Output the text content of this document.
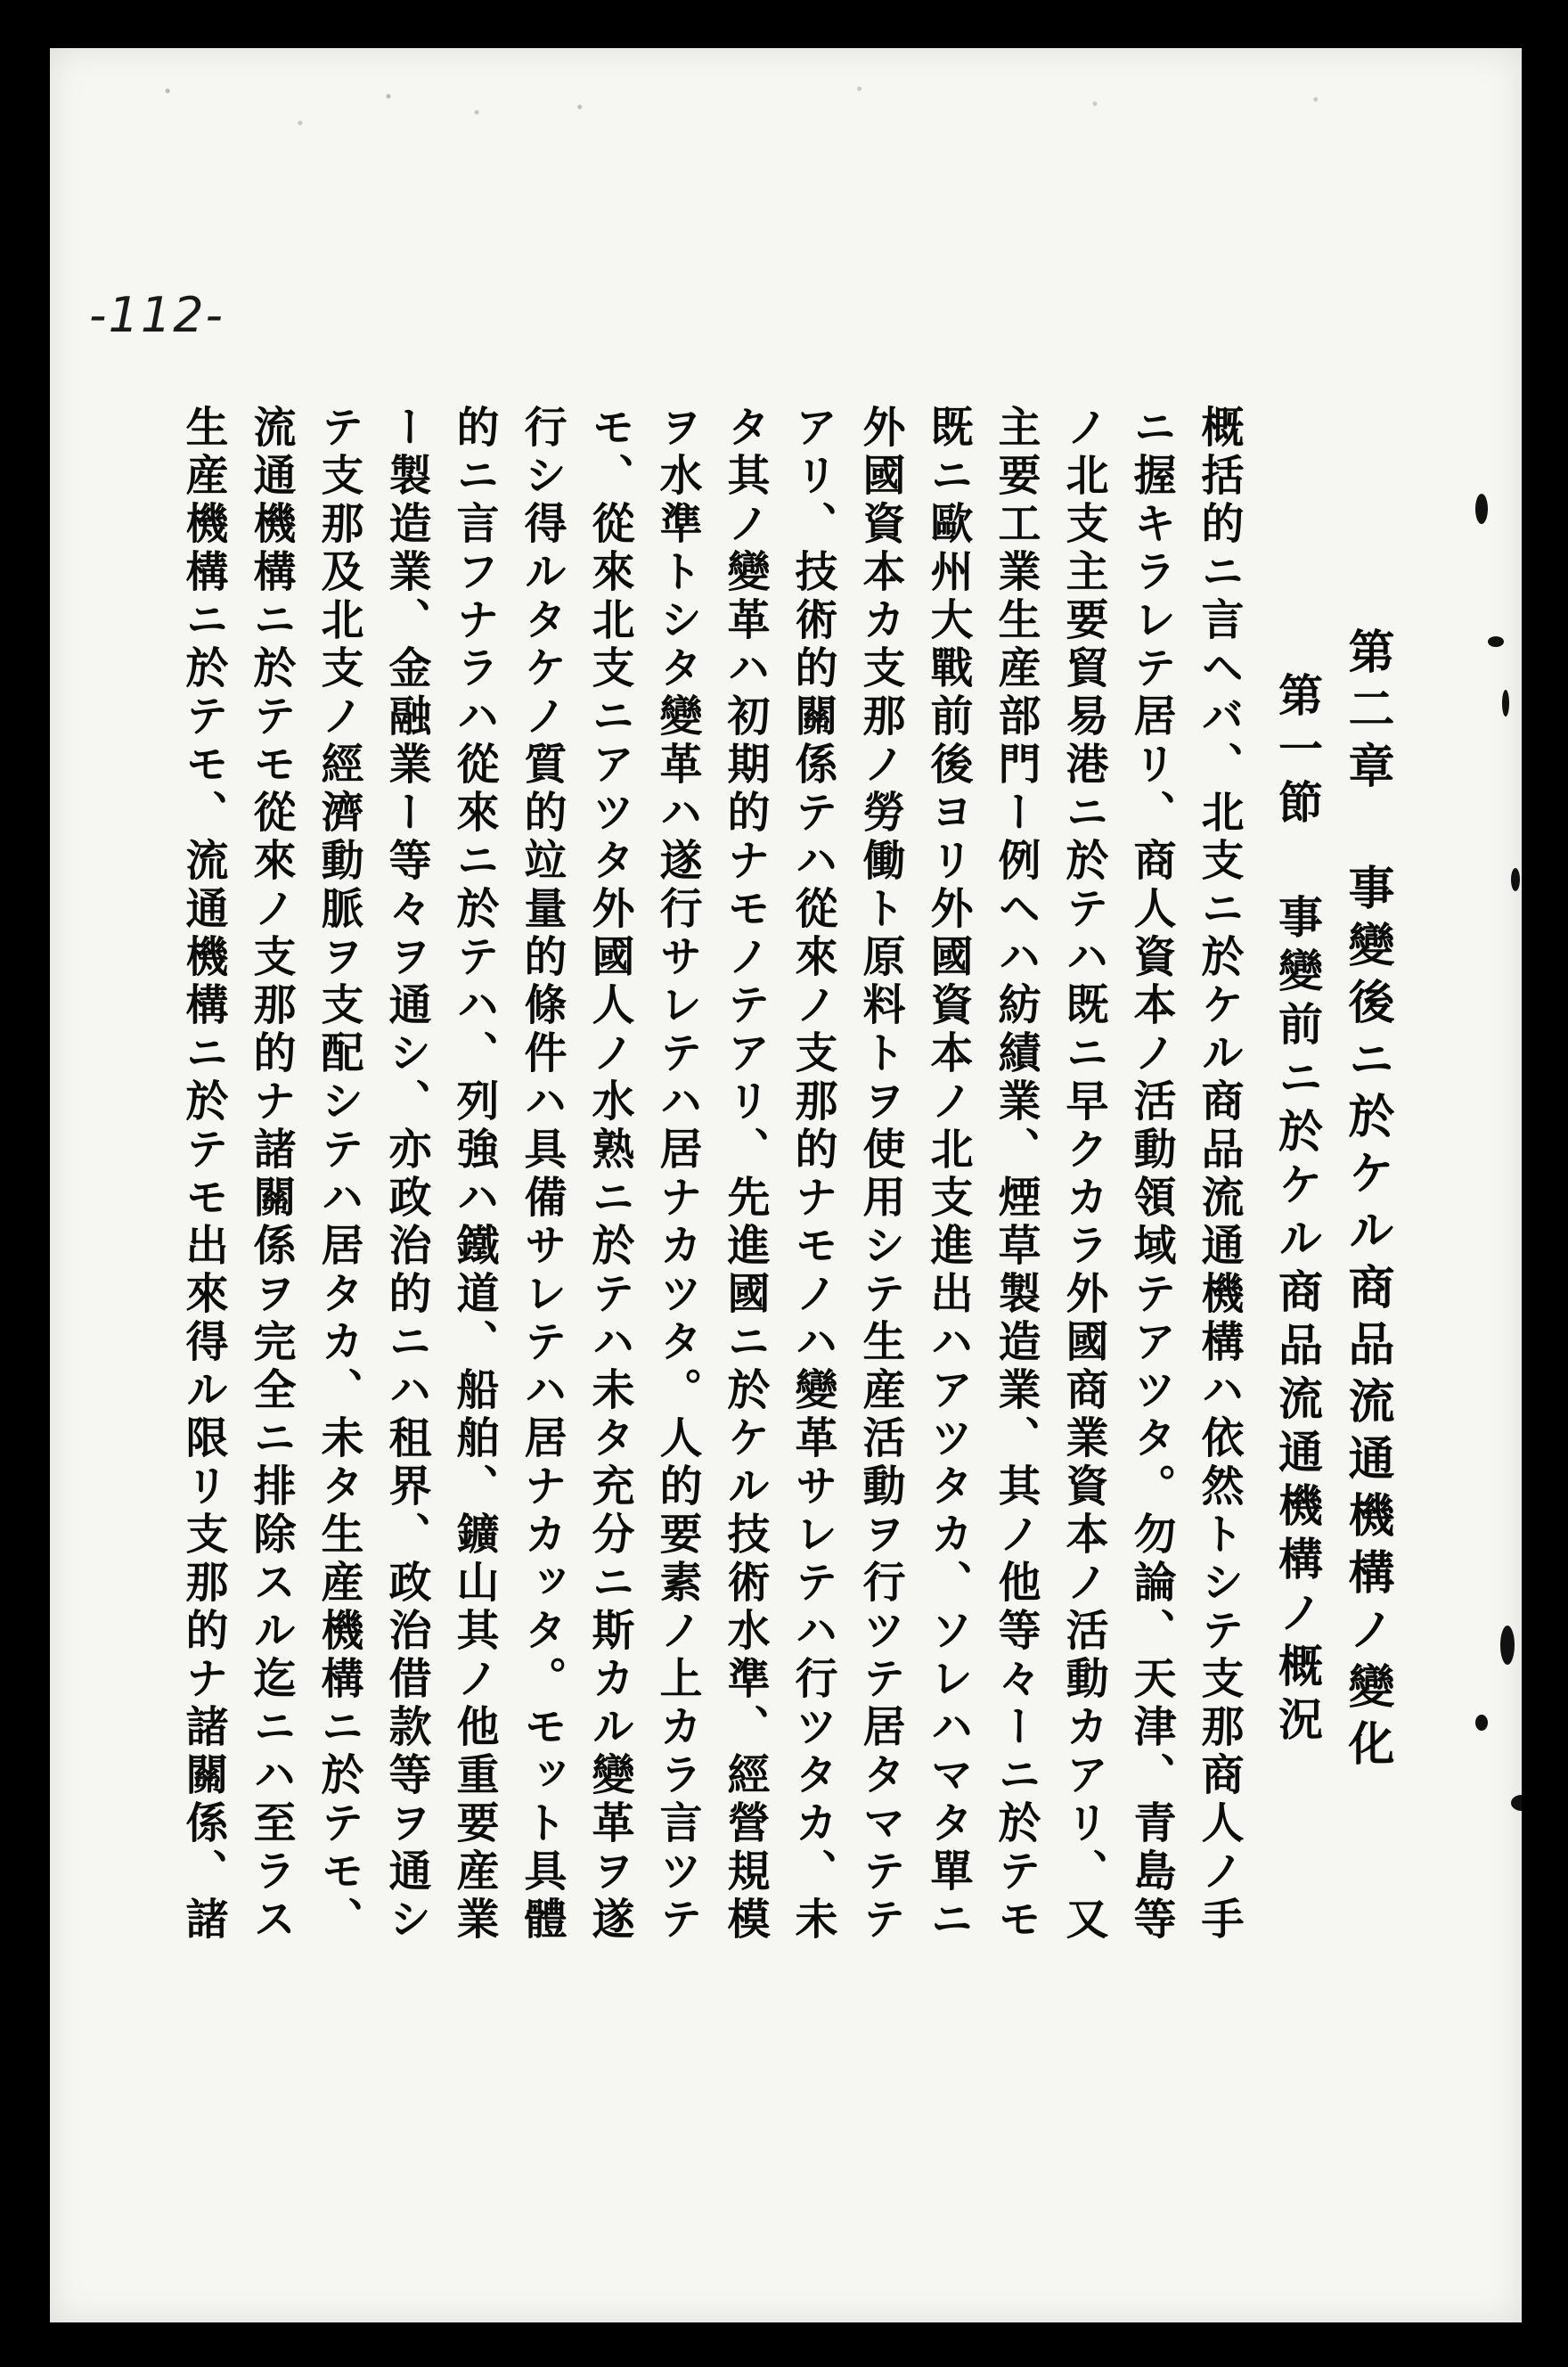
-112-
第二章 事變後ニ於ケル商品流通機構ノ變化
第一節 事變前ニ於ケル商品流通機構ノ概況
概括的ニ言ヘバ、北支ニ於ケル商品流通機構ハ依然トシテ支那商人ノ手
ニ握キラレテ居リ、商人資本ノ活動領域テアツタ。勿論、天津、青島等
ノ北支主要貿易港ニ於テハ既ニ早クカラ外國商業資本ノ活動カアリ、又
主要工業生産部門ー例ヘハ紡績業、煙草製造業、其ノ他等々ーニ於テモ
既ニ歐州大戰前後ヨリ外國資本ノ北支進出ハアツタカ、ソレハマタ單ニ
外國資本カ支那ノ勞働ト原料トヲ使用シテ生産活動ヲ行ツテ居タマテテ
アリ、技術的關係テハ從來ノ支那的ナモノハ變革サレテハ行ツタカ、未
タ其ノ變革ハ初期的ナモノテアリ、先進國ニ於ケル技術水準、經營規模
ヲ水準トシタ變革ハ遂行サレテハ居ナカツタ。人的要素ノ上カラ言ツテ
モ、從來北支ニアツタ外國人ノ水熟ニ於テハ未タ充分ニ斯カル變革ヲ遂
行シ得ルタケノ質的竝量的條件ハ具備サレテハ居ナカッタ。モット具體
的ニ言フナラハ從來ニ於テハ、列強ハ鐵道、船舶、鑛山其ノ他重要産業
ー製造業、金融業ー等々ヲ通シ、亦政治的ニハ租界、政治借款等ヲ通シ
テ支那及北支ノ經濟動脈ヲ支配シテハ居タカ、未タ生産機構ニ於テモ、
流通機構ニ於テモ從來ノ支那的ナ諸關係ヲ完全ニ排除スル迄ニハ至ラス
生産機構ニ於テモ、流通機構ニ於テモ出來得ル限リ支那的ナ諸關係、諸
